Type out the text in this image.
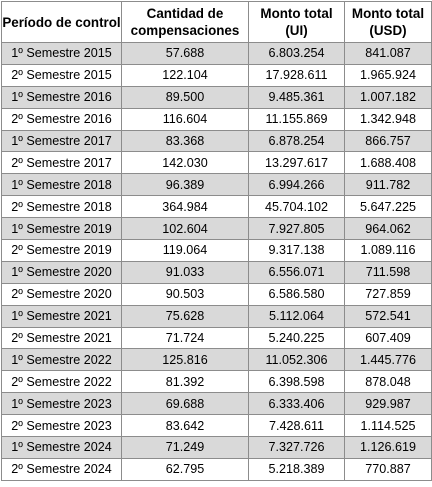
Período de control	Cantidad de compensaciones	Monto total (UI)	Monto total (USD)
1º Semestre 2015	57.688	6.803.254	841.087
2º Semestre 2015	122.104	17.928.611	1.965.924
1º Semestre 2016	89.500	9.485.361	1.007.182
2º Semestre 2016	116.604	11.155.869	1.342.948
1º Semestre 2017	83.368	6.878.254	866.757
2º Semestre 2017	142.030	13.297.617	1.688.408
1º Semestre 2018	96.389	6.994.266	911.782
2º Semestre 2018	364.984	45.704.102	5.647.225
1º Semestre 2019	102.604	7.927.805	964.062
2º Semestre 2019	119.064	9.317.138	1.089.116
1º Semestre 2020	91.033	6.556.071	711.598
2º Semestre 2020	90.503	6.586.580	727.859
1º Semestre 2021	75.628	5.112.064	572.541
2º Semestre 2021	71.724	5.240.225	607.409
1º Semestre 2022	125.816	11.052.306	1.445.776
2º Semestre 2022	81.392	6.398.598	878.048
1º Semestre 2023	69.688	6.333.406	929.987
2º Semestre 2023	83.642	7.428.611	1.114.525
1º Semestre 2024	71.249	7.327.726	1.126.619
2º Semestre 2024	62.795	5.218.389	770.887
